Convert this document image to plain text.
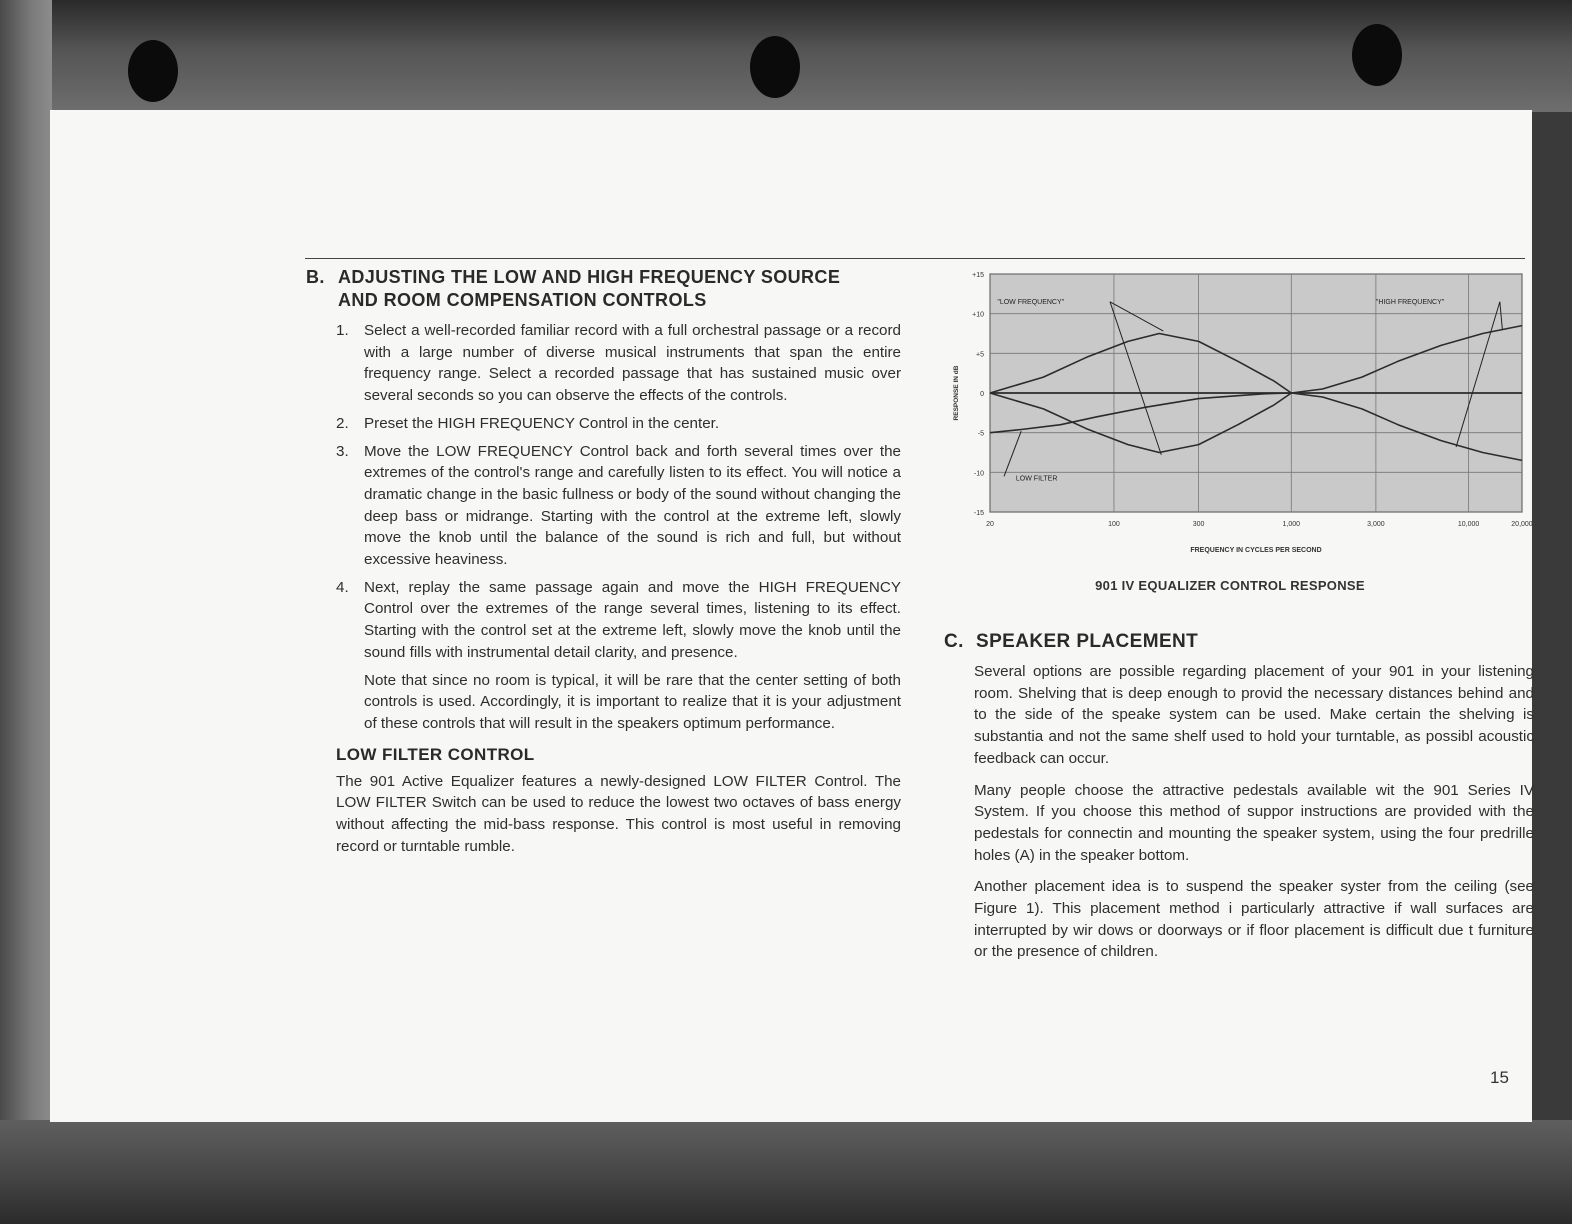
B. ADJUSTING THE LOW AND HIGH FREQUENCY SOURCE
AND ROOM COMPENSATION CONTROLS
1.	Select a well-recorded familiar record with a full orchestral passage or a record with a large number of diverse musical instruments that span the entire frequency range. Select a recorded passage that has sustained music over several seconds so you can observe the effects of the controls.
2.	Preset the HIGH FREQUENCY Control in the center.
3.	Move the LOW FREQUENCY Control back and forth several times over the extremes of the control's range and carefully listen to its effect. You will notice a dramatic change in the basic fullness or body of the sound without changing the deep bass or midrange. Starting with the control at the extreme left, slowly move the knob until the balance of the sound is rich and full, but without excessive heaviness.
4.	Next, replay the same passage again and move the HIGH FREQUENCY Control over the extremes of the range several times, listening to its effect. Starting with the control set at the extreme left, slowly move the knob until the sound fills with instrumental detail clarity, and presence.
Note that since no room is typical, it will be rare that the center setting of both controls is used. Accordingly, it is important to realize that it is your adjustment of these controls that will result in the speakers optimum performance.
LOW FILTER CONTROL
The 901 Active Equalizer features a newly-designed LOW FILTER Control. The LOW FILTER Switch can be used to reduce the lowest two octaves of bass energy without affecting the mid-bass response. This control is most useful in removing record or turntable rumble.
20	100	300	1,000	3,000	10,000	20,000
+15
+10
+5
0
-5
-10
-15
FREQUENCY IN CYCLES PER SECOND
RESPONSE IN dB
"LOW FREQUENCY"	"HIGH FREQUENCY"
LOW FILTER
901 IV EQUALIZER CONTROL RESPONSE
C. SPEAKER PLACEMENT
Several options are possible regarding placement of your 901 in your listening room. Shelving that is deep enough to provid the necessary distances behind and to the side of the speake system can be used. Make certain the shelving is substantia and not the same shelf used to hold your turntable, as possibl acoustic feedback can occur.
Many people choose the attractive pedestals available wit the 901 Series IV System. If you choose this method of suppor instructions are provided with the pedestals for connectin and mounting the speaker system, using the four predrille holes (A) in the speaker bottom.
Another placement idea is to suspend the speaker syster from the ceiling (see Figure 1). This placement method i particularly attractive if wall surfaces are interrupted by wir dows or doorways or if floor placement is difficult due t furniture or the presence of children.
15
